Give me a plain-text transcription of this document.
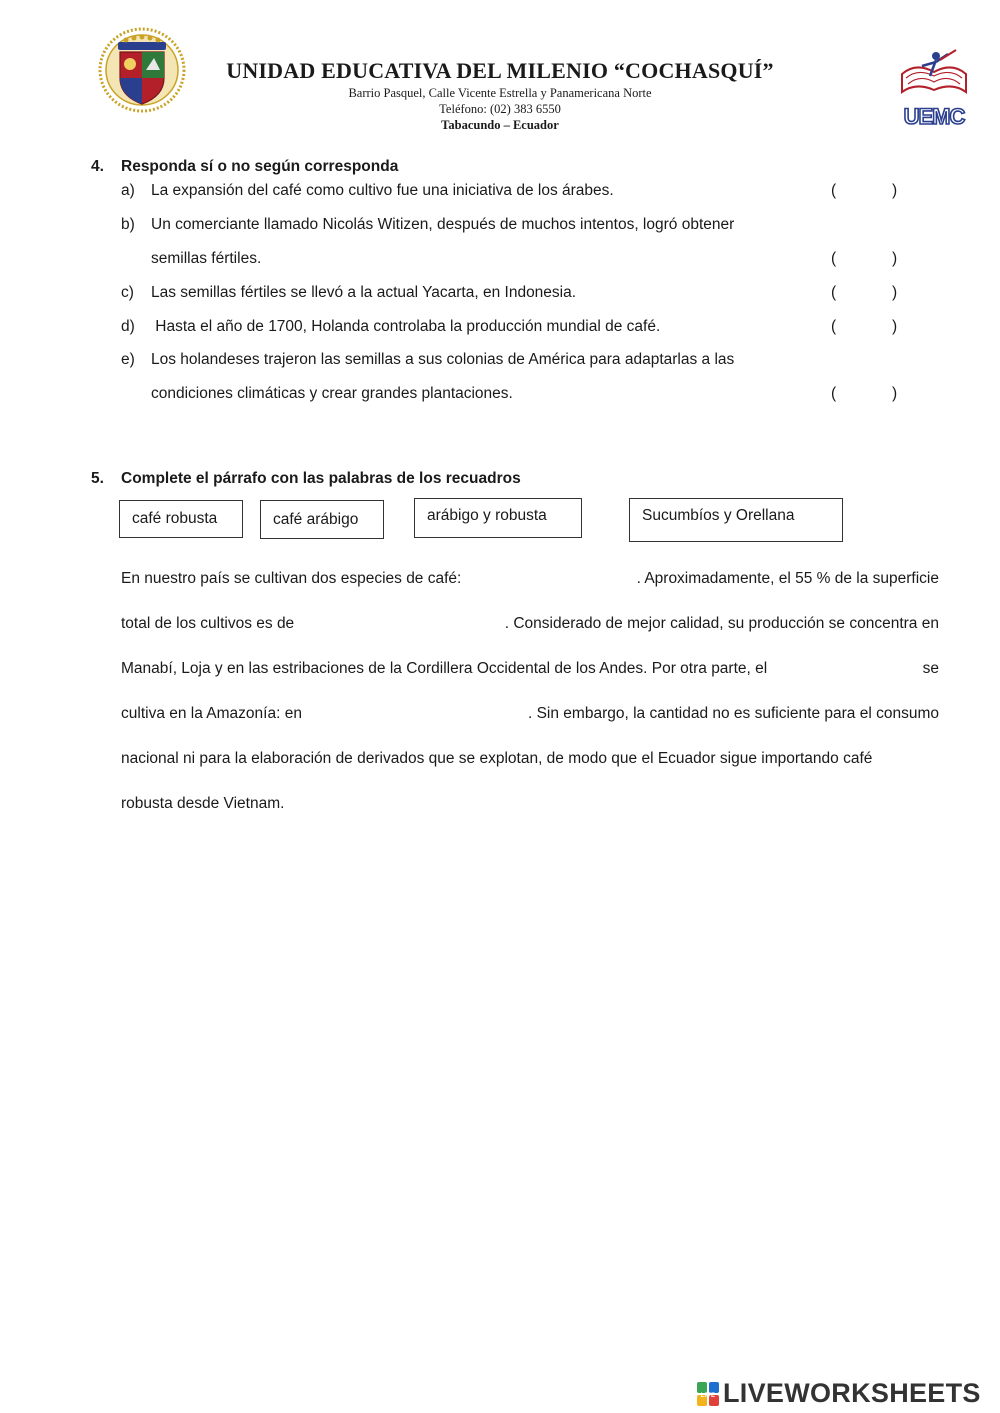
UNIDAD EDUCATIVA DEL MILENIO “COCHASQUÍ”
Barrio Pasquel, Calle Vicente Estrella y Panamericana Norte
Teléfono: (02) 383 6550
Tabacundo – Ecuador	UEMC
4. Responda sí o no según corresponda
a) La expansión del café como cultivo fue una iniciativa de los árabes.	(	)
b) Un comerciante llamado Nicolás Witizen, después de muchos intentos, logró obtener
semillas fértiles.	(	)
c) Las semillas fértiles se llevó a la actual Yacarta, en Indonesia.	(	)
d) Hasta el año de 1700, Holanda controlaba la producción mundial de café.	(	)
e) Los holandeses trajeron las semillas a sus colonias de América para adaptarlas a las
condiciones climáticas y crear grandes plantaciones.	(	)
5. Complete el párrafo con las palabras de los recuadros
café robusta	café arábigo	arábigo y robusta	Sucumbíos y Orellana
En nuestro país se cultivan dos especies de café:	. Aproximadamente, el 55 % de la superficie
total de los cultivos es de	. Considerado de mejor calidad, su producción se concentra en
Manabí, Loja y en las estribaciones de la Cordillera Occidental de los Andes. Por otra parte, el	se
cultiva en la Amazonía: en	. Sin embargo, la cantidad no es suficiente para el consumo
nacional ni para la elaboración de derivados que se explotan, de modo que el Ecuador sigue importando café
robusta desde Vietnam.
LIVE LIVEWORKSHEETS
